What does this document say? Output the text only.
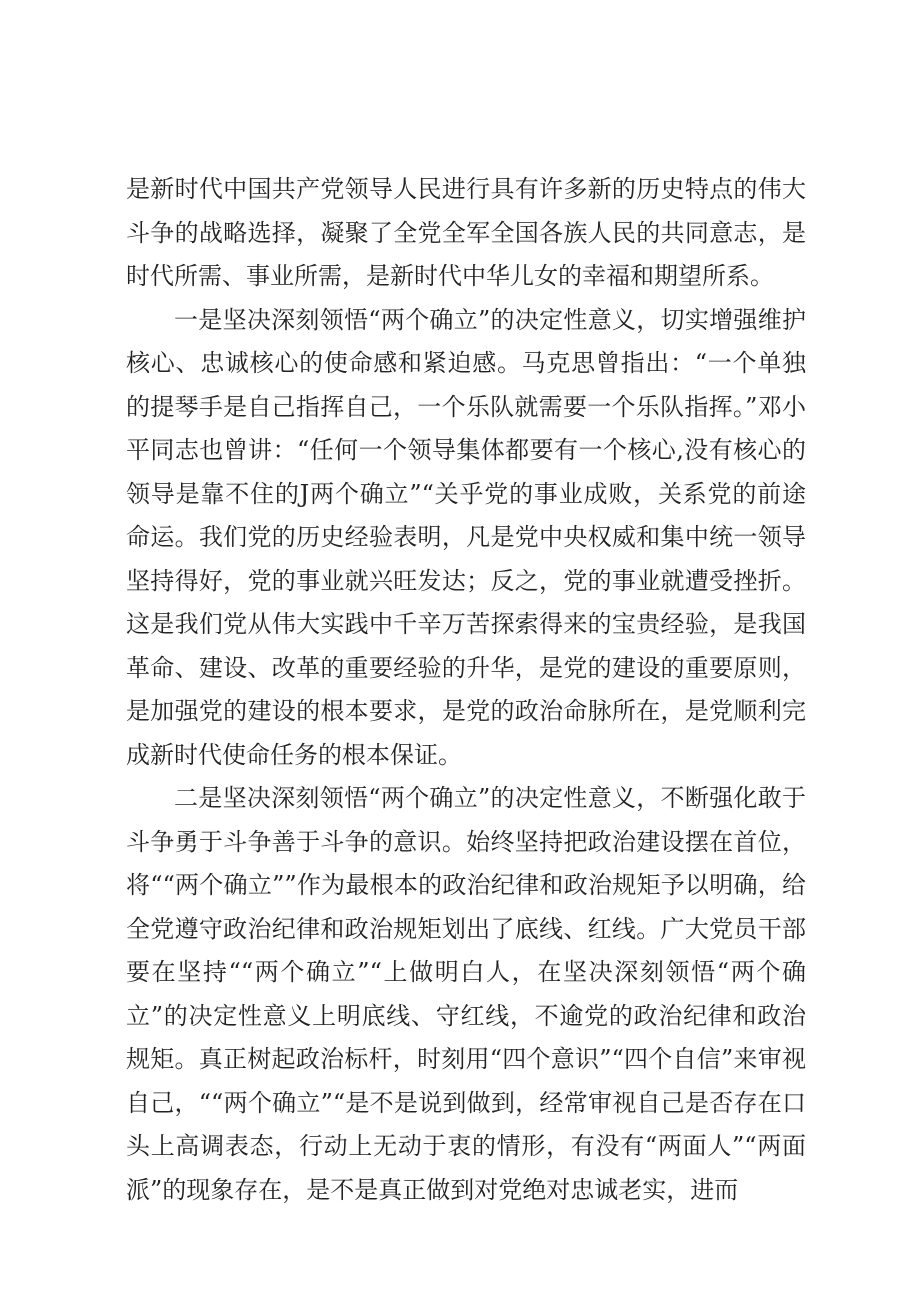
是新时代中国共产党领导人民进行具有许多新的历史特点的伟大斗争的战略选择，凝聚了全党全军全国各族人民的共同意志，是时代所需、事业所需，是新时代中华儿女的幸福和期望所系。

一是坚决深刻领悟“两个确立”的决定性意义，切实增强维护核心、忠诚核心的使命感和紧迫感。马克思曾指出：“一个单独的提琴手是自己指挥自己，一个乐队就需要一个乐队指挥。”邓小平同志也曾讲：“任何一个领导集体都要有一个核心,没有核心的领导是靠不住的J两个确立”“关乎党的事业成败，关系党的前途命运。我们党的历史经验表明，凡是党中央权威和集中统一领导坚持得好，党的事业就兴旺发达；反之，党的事业就遭受挫折。这是我们党从伟大实践中千辛万苦探索得来的宝贵经验，是我国革命、建设、改革的重要经验的升华，是党的建设的重要原则，是加强党的建设的根本要求，是党的政治命脉所在，是党顺利完成新时代使命任务的根本保证。

二是坚决深刻领悟“两个确立”的决定性意义，不断强化敢于斗争勇于斗争善于斗争的意识。始终坚持把政治建设摆在首位，将““两个确立””作为最根本的政治纪律和政治规矩予以明确，给全党遵守政治纪律和政治规矩划出了底线、红线。广大党员干部要在坚持““两个确立”“上做明白人，在坚决深刻领悟“两个确立”的决定性意义上明底线、守红线，不逾党的政治纪律和政治规矩。真正树起政治标杆，时刻用“四个意识”“四个自信”来审视自己，““两个确立”“是不是说到做到，经常审视自己是否存在口头上高调表态，行动上无动于衷的情形，有没有“两面人”“两面派”的现象存在，是不是真正做到对党绝对忠诚老实，进而
